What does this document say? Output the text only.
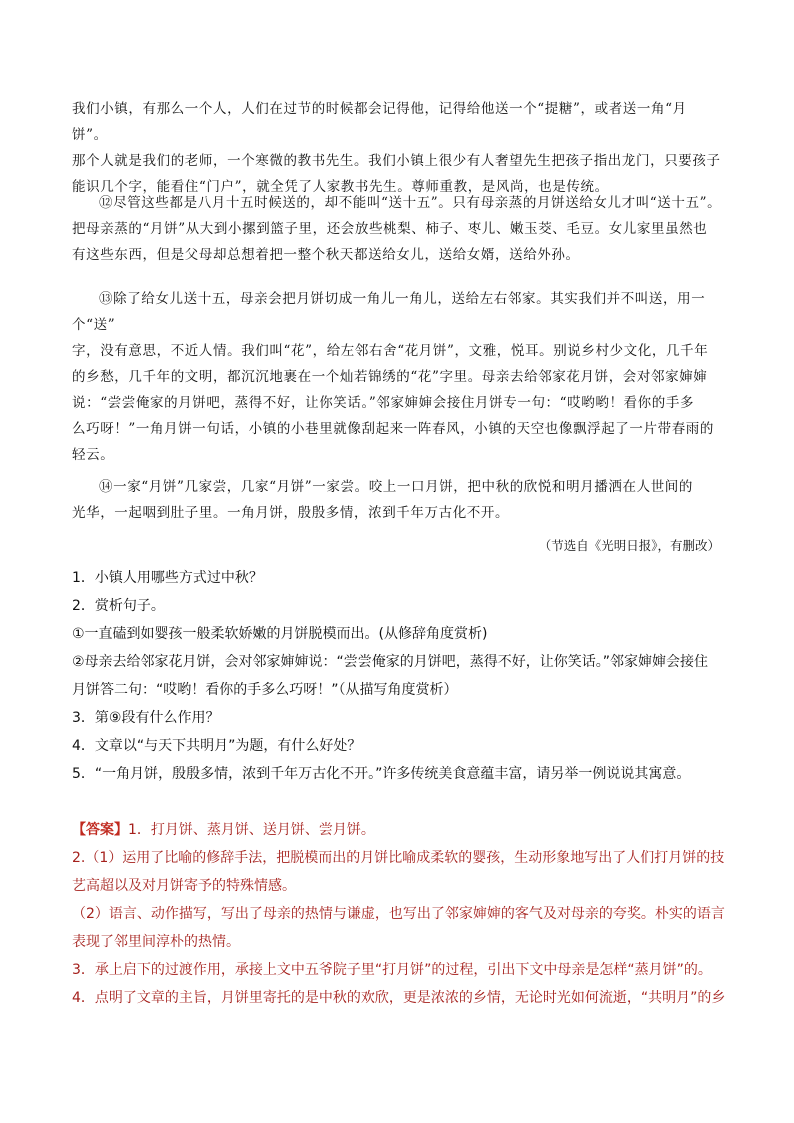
我们小镇，有那么一个人，人们在过节的时候都会记得他，记得给他送一个“提糖”，或者送一角“月饼”。

那个人就是我们的老师，一个寒微的教书先生。我们小镇上很少有人奢望先生把孩子指出龙门，只要孩子

能识几个字，能看住“门户”，就全凭了人家教书先生。尊师重教，是风尚，也是传统。

⑫尽管这些都是八月十五时候送的，却不能叫“送十五”。只有母亲蒸的月饼送给女儿才叫“送十五”。

把母亲蒸的“月饼”从大到小摞到篮子里，还会放些桃梨、柿子、枣儿、嫩玉茭、毛豆。女儿家里虽然也

有这些东西，但是父母却总想着把一整个秋天都送给女儿，送给女婿，送给外孙。

⑬除了给女儿送十五，母亲会把月饼切成一角儿一角儿，送给左右邻家。其实我们并不叫送，用一个“送”

字，没有意思，不近人情。我们叫“花”，给左邻右舍“花月饼”，文雅，悦耳。别说乡村少文化，几千年

的乡愁，几千年的文明，都沉沉地裹在一个灿若锦绣的“花”字里。母亲去给邻家花月饼，会对邻家婶婶

说：“尝尝俺家的月饼吧，蒸得不好，让你笑话。”邻家婶婶会接住月饼专一句：“哎哟哟！看你的手多

么巧呀！”一角月饼一句话，小镇的小巷里就像刮起来一阵春风，小镇的天空也像飘浮起了一片带春雨的

轻云。

⑭一家“月饼”几家尝，几家“月饼”一家尝。咬上一口月饼，把中秋的欣悦和明月播洒在人世间的

光华，一起咽到肚子里。一角月饼，殷殷多情，浓到千年万古化不开。

（节选自《光明日报》，有删改）

1．小镇人用哪些方式过中秋？

2．赏析句子。

①一直磕到如婴孩一般柔软娇嫩的月饼脱模而出。(从修辞角度赏析)

②母亲去给邻家花月饼，会对邻家婶婶说：“尝尝俺家的月饼吧，蒸得不好，让你笑话。”邻家婶婶会接住

月饼答二句：“哎哟！看你的手多么巧呀！”（从描写角度赏析）

3．第⑨段有什么作用？

4．文章以“与天下共明月”为题，有什么好处？

5．“一角月饼，殷殷多情，浓到千年万古化不开。”许多传统美食意蕴丰富，请另举一例说说其寓意。

【答案】1．打月饼、蒸月饼、送月饼、尝月饼。

2.（1）运用了比喻的修辞手法，把脱模而出的月饼比喻成柔软的婴孩，生动形象地写出了人们打月饼的技

艺高超以及对月饼寄予的特殊情感。

（2）语言、动作描写，写出了母亲的热情与谦虚，也写出了邻家婶婶的客气及对母亲的夸奖。朴实的语言

表现了邻里间淳朴的热情。

3．承上启下的过渡作用，承接上文中五爷院子里“打月饼”的过程，引出下文中母亲是怎样“蒸月饼”的。

4．点明了文章的主旨，月饼里寄托的是中秋的欢欣，更是浓浓的乡情，无论时光如何流逝，“共明月”的乡
